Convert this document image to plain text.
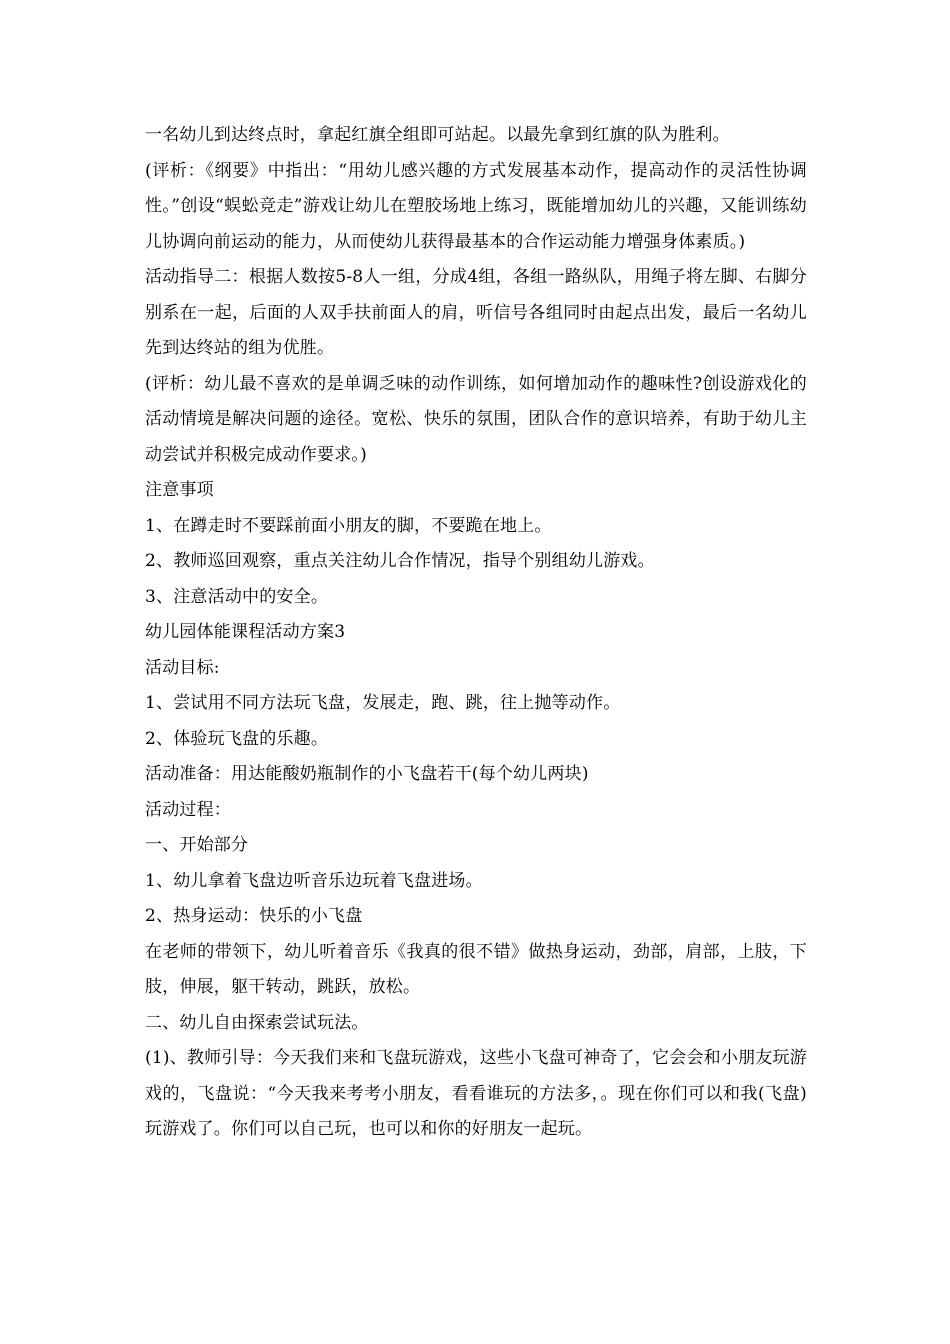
一名幼儿到达终点时，拿起红旗全组即可站起。以最先拿到红旗的队为胜利。

(评析：《纲要》中指出：“用幼儿感兴趣的方式发展基本动作，提高动作的灵活性协调性。”创设“蜈蚣竞走”游戏让幼儿在塑胶场地上练习，既能增加幼儿的兴趣，又能训练幼儿协调向前运动的能力，从而使幼儿获得最基本的合作运动能力增强身体素质。)

活动指导二：根据人数按5-8人一组，分成4组，各组一路纵队，用绳子将左脚、右脚分别系在一起，后面的人双手扶前面人的肩，听信号各组同时由起点出发，最后一名幼儿先到达终站的组为优胜。

(评析：幼儿最不喜欢的是单调乏味的动作训练，如何增加动作的趣味性?创设游戏化的活动情境是解决问题的途径。宽松、快乐的氛围，团队合作的意识培养，有助于幼儿主动尝试并积极完成动作要求。)

注意事项

1、在蹲走时不要踩前面小朋友的脚，不要跪在地上。

2、教师巡回观察，重点关注幼儿合作情况，指导个别组幼儿游戏。

3、注意活动中的安全。

幼儿园体能课程活动方案3

活动目标:

1、尝试用不同方法玩飞盘，发展走，跑、跳，往上抛等动作。

2、体验玩飞盘的乐趣。

活动准备：用达能酸奶瓶制作的小飞盘若干(每个幼儿两块)

活动过程：

一、开始部分

1、幼儿拿着飞盘边听音乐边玩着飞盘进场。

2、热身运动：快乐的小飞盘

在老师的带领下，幼儿听着音乐《我真的很不错》做热身运动，劲部，肩部，上肢，下肢，伸展，躯干转动，跳跃，放松。

二、幼儿自由探索尝试玩法。

(1)、教师引导：今天我们来和飞盘玩游戏，这些小飞盘可神奇了，它会会和小朋友玩游戏的，飞盘说：“今天我来考考小朋友，看看谁玩的方法多，。现在你们可以和我(飞盘)玩游戏了。你们可以自己玩，也可以和你的好朋友一起玩。
